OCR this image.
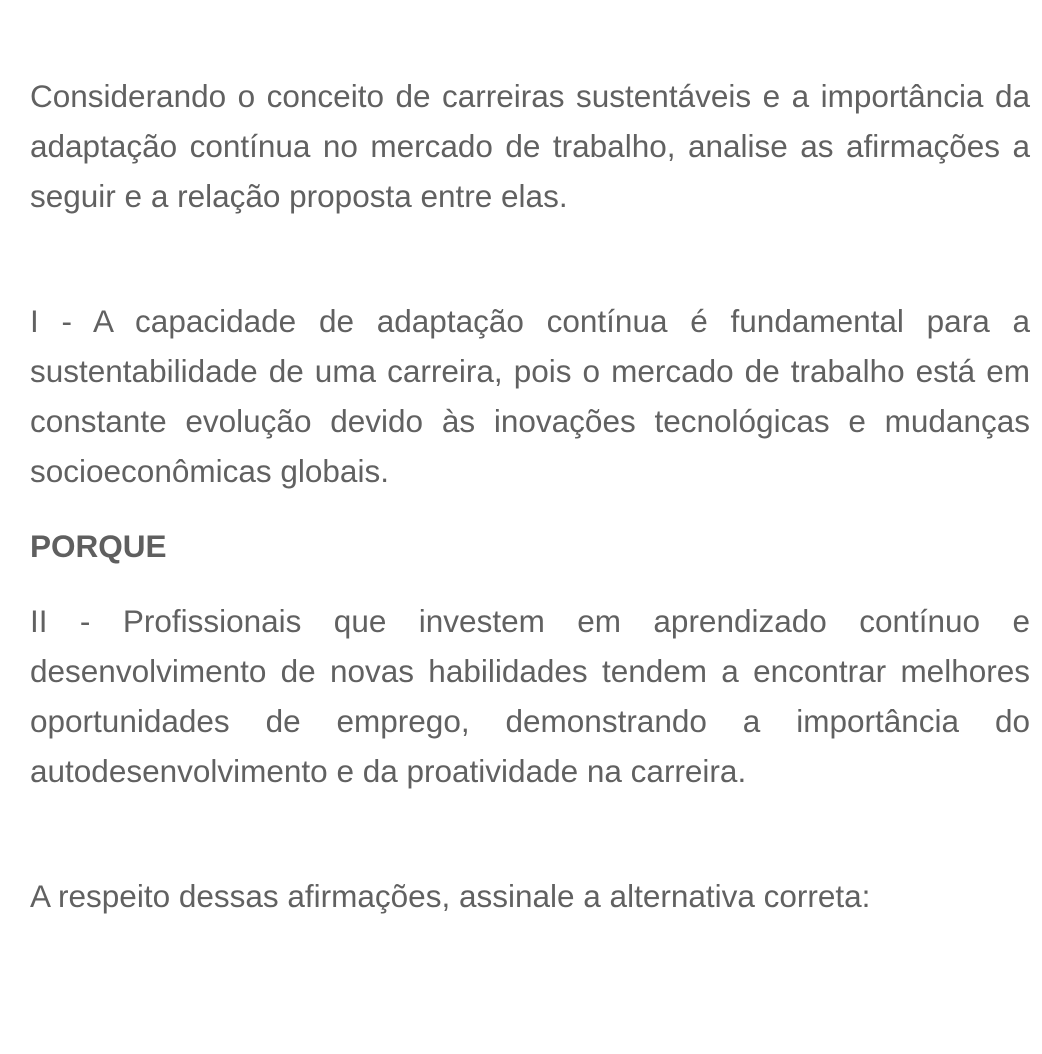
Considerando o conceito de carreiras sustentáveis e a importância da adaptação contínua no mercado de trabalho, analise as afirmações a seguir e a relação proposta entre elas.

I - A capacidade de adaptação contínua é fundamental para a sustentabilidade de uma carreira, pois o mercado de trabalho está em constante evolução devido às inovações tecnológicas e mudanças socioeconômicas globais.

PORQUE

II - Profissionais que investem em aprendizado contínuo e desenvolvimento de novas habilidades tendem a encontrar melhores oportunidades de emprego, demonstrando a importância do autodesenvolvimento e da proatividade na carreira.

A respeito dessas afirmações, assinale a alternativa correta:
